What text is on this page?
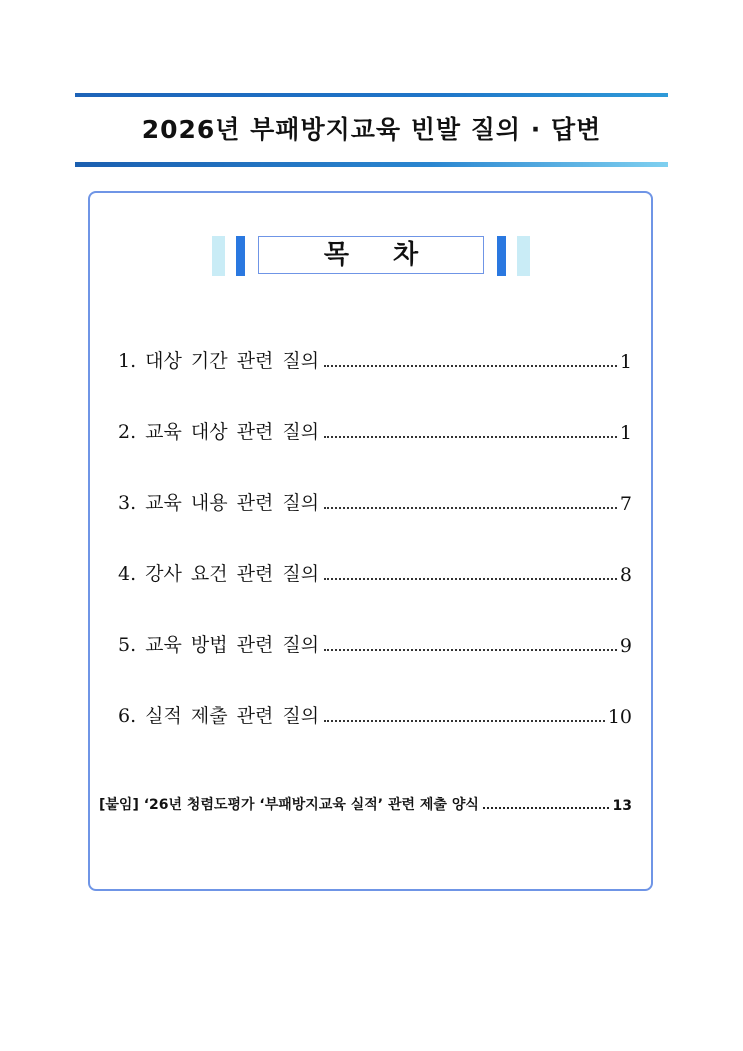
2026년 부패방지교육 빈발 질의 · 답변
목차
1. 대상 기간 관련 질의	1
2. 교육 대상 관련 질의	1
3. 교육 내용 관련 질의	7
4. 강사 요건 관련 질의	8
5. 교육 방법 관련 질의	9
6. 실적 제출 관련 질의	10
[붙임] ‘26년 청렴도평가 ‘부패방지교육 실적’ 관련 제출 양식	13
